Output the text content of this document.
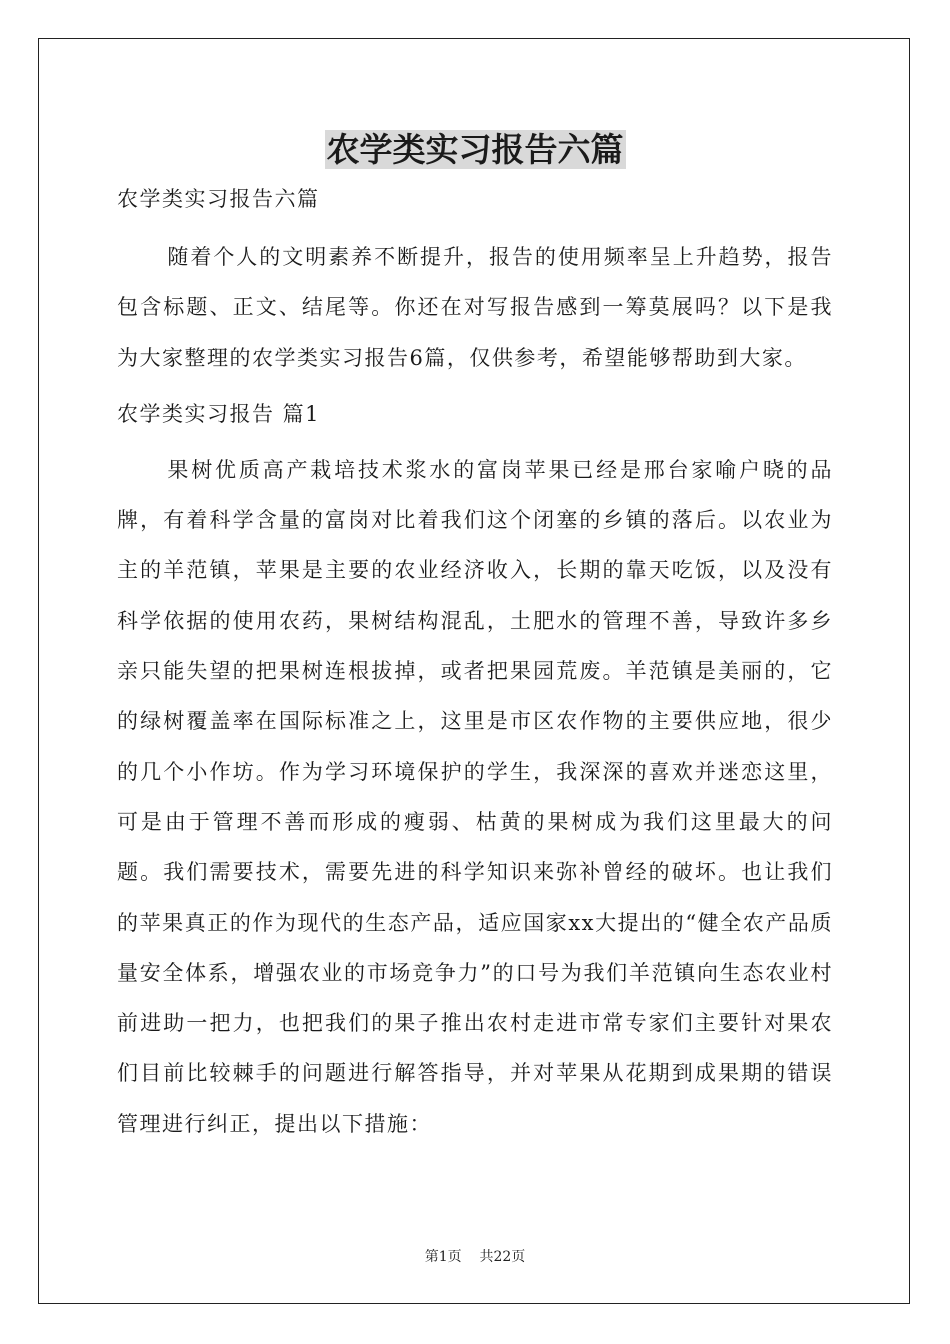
农学类实习报告六篇

农学类实习报告六篇

随着个人的文明素养不断提升，报告的使用频率呈上升趋势，报告包含标题、正文、结尾等。你还在对写报告感到一筹莫展吗？以下是我为大家整理的农学类实习报告6篇，仅供参考，希望能够帮助到大家。

农学类实习报告 篇1

果树优质高产栽培技术浆水的富岗苹果已经是邢台家喻户晓的品牌，有着科学含量的富岗对比着我们这个闭塞的乡镇的落后。以农业为主的羊范镇，苹果是主要的农业经济收入，长期的靠天吃饭，以及没有科学依据的使用农药，果树结构混乱，土肥水的管理不善，导致许多乡亲只能失望的把果树连根拔掉，或者把果园荒废。羊范镇是美丽的，它的绿树覆盖率在国际标准之上，这里是市区农作物的主要供应地，很少的几个小作坊。作为学习环境保护的学生，我深深的喜欢并迷恋这里，可是由于管理不善而形成的瘦弱、枯黄的果树成为我们这里最大的问题。我们需要技术，需要先进的科学知识来弥补曾经的破坏。也让我们的苹果真正的作为现代的生态产品，适应国家xx大提出的“健全农产品质量安全体系，增强农业的市场竞争力”的口号为我们羊范镇向生态农业村前进助一把力，也把我们的果子推出农村走进市常专家们主要针对果农们目前比较棘手的问题进行解答指导，并对苹果从花期到成果期的错误管理进行纠正，提出以下措施：

第1页    共22页
